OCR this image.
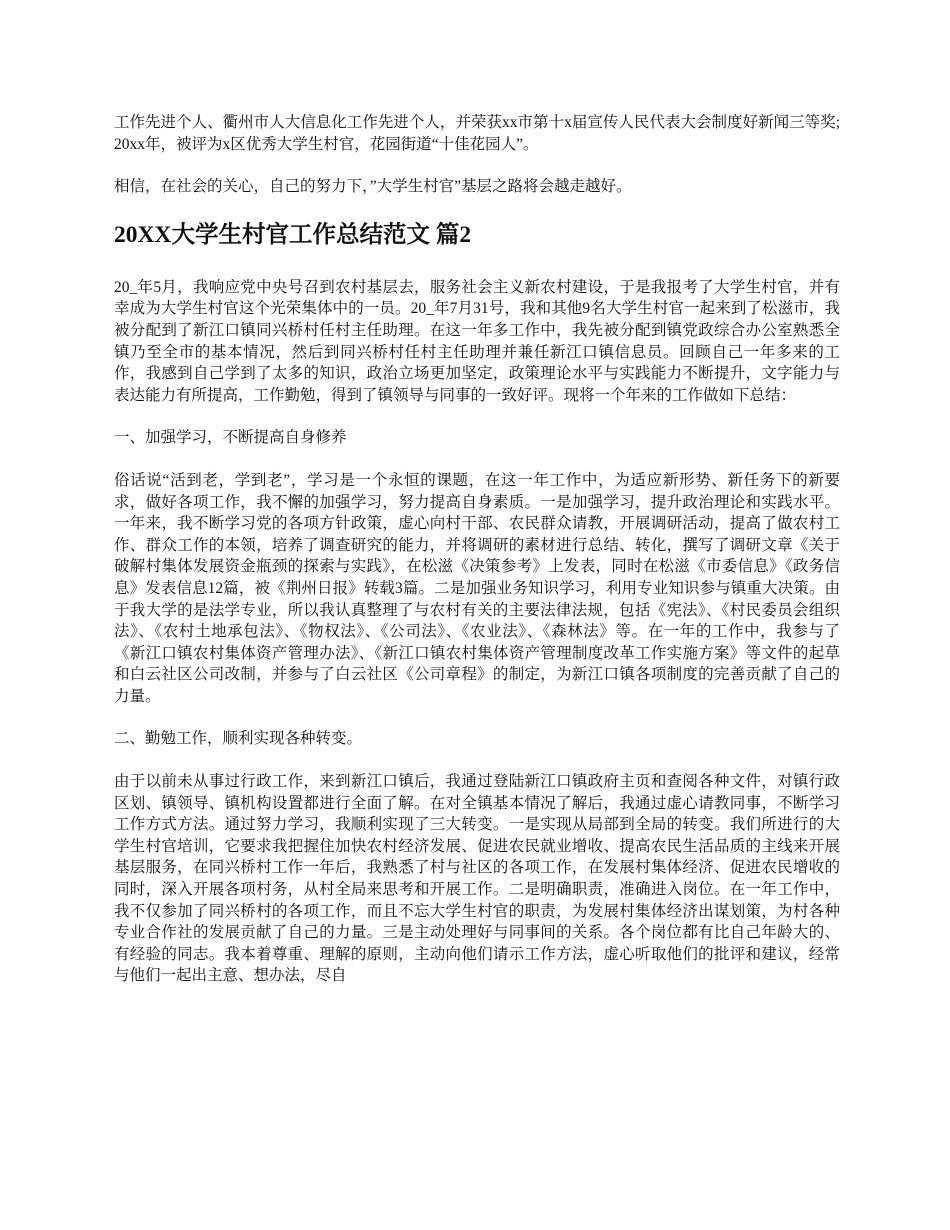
工作先进个人、衢州市人大信息化工作先进个人，并荣获xx市第十x届宣传人民代表大会制度好新闻三等奖;20xx年，被评为x区优秀大学生村官，花园街道“十佳花园人”。

相信，在社会的关心，自己的努力下，”大学生村官”基层之路将会越走越好。

20XX大学生村官工作总结范文 篇2

20_年5月，我响应党中央号召到农村基层去，服务社会主义新农村建设，于是我报考了大学生村官，并有幸成为大学生村官这个光荣集体中的一员。20_年7月31号，我和其他9名大学生村官一起来到了松滋市，我被分配到了新江口镇同兴桥村任村主任助理。在这一年多工作中，我先被分配到镇党政综合办公室熟悉全镇乃至全市的基本情况，然后到同兴桥村任村主任助理并兼任新江口镇信息员。回顾自己一年多来的工作，我感到自己学到了太多的知识，政治立场更加坚定，政策理论水平与实践能力不断提升，文字能力与表达能力有所提高，工作勤勉，得到了镇领导与同事的一致好评。现将一个年来的工作做如下总结：

一、加强学习，不断提高自身修养

俗话说“活到老，学到老”，学习是一个永恒的课题，在这一年工作中，为适应新形势、新任务下的新要求，做好各项工作，我不懈的加强学习，努力提高自身素质。一是加强学习，提升政治理论和实践水平。一年来，我不断学习党的各项方针政策，虚心向村干部、农民群众请教，开展调研活动，提高了做农村工作、群众工作的本领，培养了调查研究的能力，并将调研的素材进行总结、转化，撰写了调研文章《关于破解村集体发展资金瓶颈的探索与实践》，在松滋《决策参考》上发表，同时在松滋《市委信息》《政务信息》发表信息12篇，被《荆州日报》转载3篇。二是加强业务知识学习，利用专业知识参与镇重大决策。由于我大学的是法学专业，所以我认真整理了与农村有关的主要法律法规，包括《宪法》、《村民委员会组织法》、《农村土地承包法》、《物权法》、《公司法》、《农业法》、《森林法》等。在一年的工作中，我参与了《新江口镇农村集体资产管理办法》、《新江口镇农村集体资产管理制度改革工作实施方案》等文件的起草和白云社区公司改制，并参与了白云社区《公司章程》的制定，为新江口镇各项制度的完善贡献了自己的力量。

二、勤勉工作，顺利实现各种转变。

由于以前未从事过行政工作，来到新江口镇后，我通过登陆新江口镇政府主页和查阅各种文件，对镇行政区划、镇领导、镇机构设置都进行全面了解。在对全镇基本情况了解后，我通过虚心请教同事，不断学习工作方式方法。通过努力学习，我顺利实现了三大转变。一是实现从局部到全局的转变。我们所进行的大学生村官培训，它要求我把握住加快农村经济发展、促进农民就业增收、提高农民生活品质的主线来开展基层服务，在同兴桥村工作一年后，我熟悉了村与社区的各项工作，在发展村集体经济、促进农民增收的同时，深入开展各项村务，从村全局来思考和开展工作。二是明确职责，准确进入岗位。在一年工作中，我不仅参加了同兴桥村的各项工作，而且不忘大学生村官的职责，为发展村集体经济出谋划策，为村各种专业合作社的发展贡献了自己的力量。三是主动处理好与同事间的关系。各个岗位都有比自己年龄大的、有经验的同志。我本着尊重、理解的原则，主动向他们请示工作方法，虚心听取他们的批评和建议，经常与他们一起出主意、想办法，尽自
